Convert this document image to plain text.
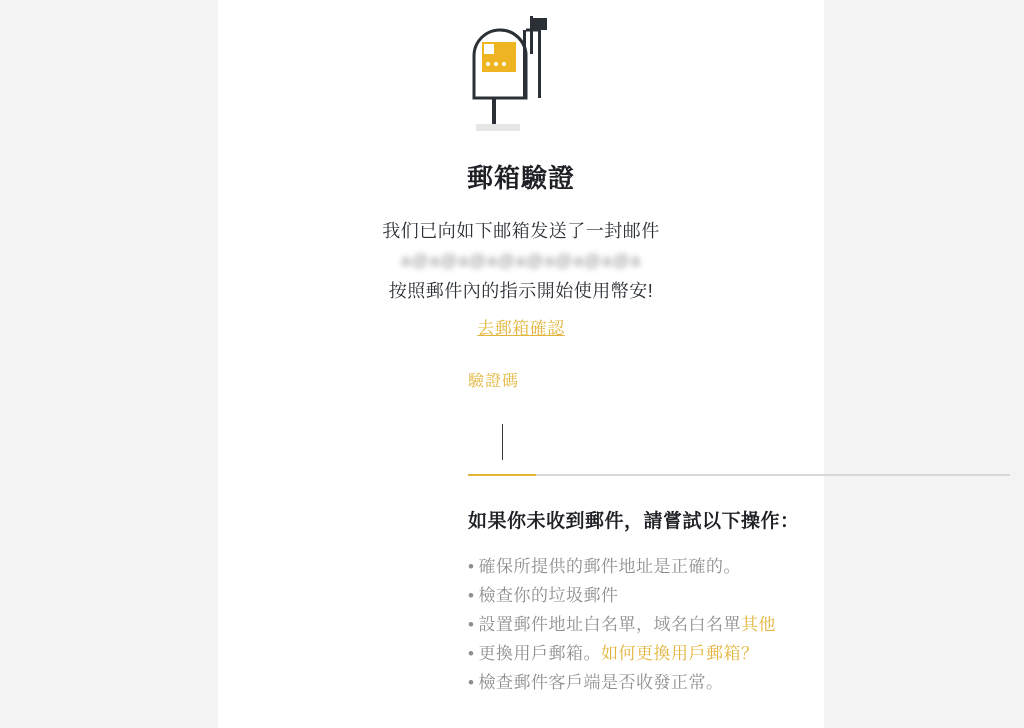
郵箱驗證
我们已向如下邮箱发送了一封邮件
a@a@a@a@a@a@a@a@a
按照郵件內的指示開始使用幣安!
去郵箱確認
驗證碼
如果你未收到郵件，請嘗試以下操作：
• 確保所提供的郵件地址是正確的。
• 檢查你的垃圾郵件
• 設置郵件地址白名單，域名白名單其他
• 更換用戶郵箱。如何更換用戶郵箱？
• 檢查郵件客戶端是否收發正常。
